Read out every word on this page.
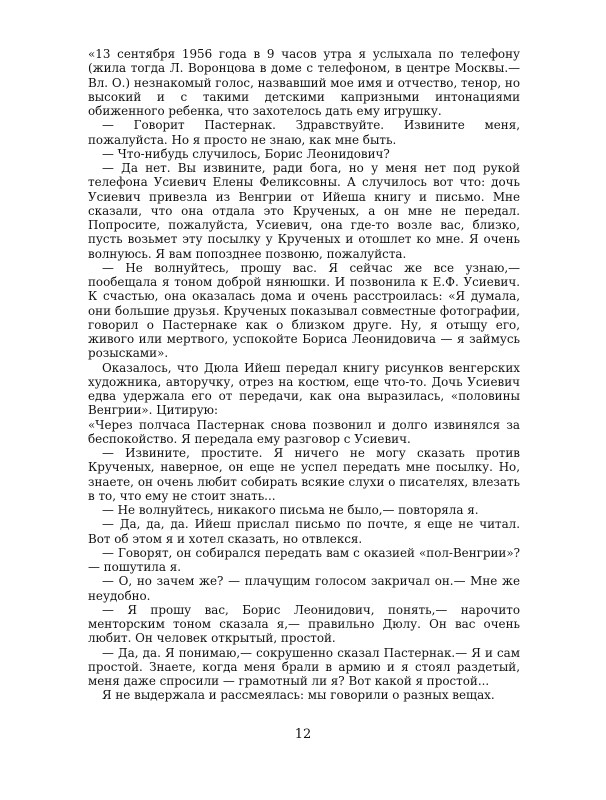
«13 сентября 1956 года в 9 часов утра я услыхала по телефону (жила тогда Л. Воронцова в доме с телефоном, в центре Москвы.— Вл. О.) незнакомый голос, назвавший мое имя и отчество, тенор, но высокий и с такими детскими капризными интонациями обиженного ребенка, что захотелось дать ему игрушку.

— Говорит Пастернак. Здравствуйте. Извините меня, пожалуйста. Но я просто не знаю, как мне быть.

— Что-нибудь случилось, Борис Леонидович?

— Да нет. Вы извините, ради бога, но у меня нет под рукой телефона Усиевич Елены Феликсовны. А случилось вот что: дочь Усиевич привезла из Венгрии от Ийеша книгу и письмо. Мне сказали, что она отдала это Крученых, а он мне не передал. Попросите, пожалуйста, Усиевич, она где-то возле вас, близко, пусть возьмет эту посылку у Крученых и отошлет ко мне. Я очень волнуюсь. Я вам попозднее позвоню, пожалуйста.

— Не волнуйтесь, прошу вас. Я сейчас же все узнаю,— пообещала я тоном доброй нянюшки. И позвонила к Е.Ф. Усиевич. К счастью, она оказалась дома и очень расстроилась: «Я думала, они большие друзья. Крученых показывал совместные фотографии, говорил о Пастернаке как о близком друге. Ну, я отыщу его, живого или мертвого, успокойте Бориса Леонидовича — я займусь розысками».

Оказалось, что Дюла Ийеш передал книгу рисунков венгерских художника, авторучку, отрез на костюм, еще что-то. Дочь Усиевич едва удержала его от передачи, как она выразилась, «половины Венгрии». Цитирую:

«Через полчаса Пастернак снова позвонил и долго извинялся за беспокойство. Я передала ему разговор с Усиевич.

— Извините, простите. Я ничего не могу сказать против Крученых, наверное, он еще не успел передать мне посылку. Но, знаете, он очень любит собирать всякие слухи о писателях, влезать в то, что ему не стоит знать...

— Не волнуйтесь, никакого письма не было,— повторяла я.

— Да, да, да. Ийеш прислал письмо по почте, я еще не читал. Вот об этом я и хотел сказать, но отвлекся.

— Говорят, он собирался передать вам с оказией «пол-Венгрии»? — пошутила я.

— О, но зачем же? — плачущим голосом закричал он.— Мне же неудобно.

— Я прошу вас, Борис Леонидович, понять,— нарочито менторским тоном сказала я,— правильно Дюлу. Он вас очень любит. Он человек открытый, простой.

— Да, да. Я понимаю,— сокрушенно сказал Пастернак.— Я и сам простой. Знаете, когда меня брали в армию и я стоял раздетый, меня даже спросили — грамотный ли я? Вот какой я простой...

Я не выдержала и рассмеялась: мы говорили о разных вещах.

12
